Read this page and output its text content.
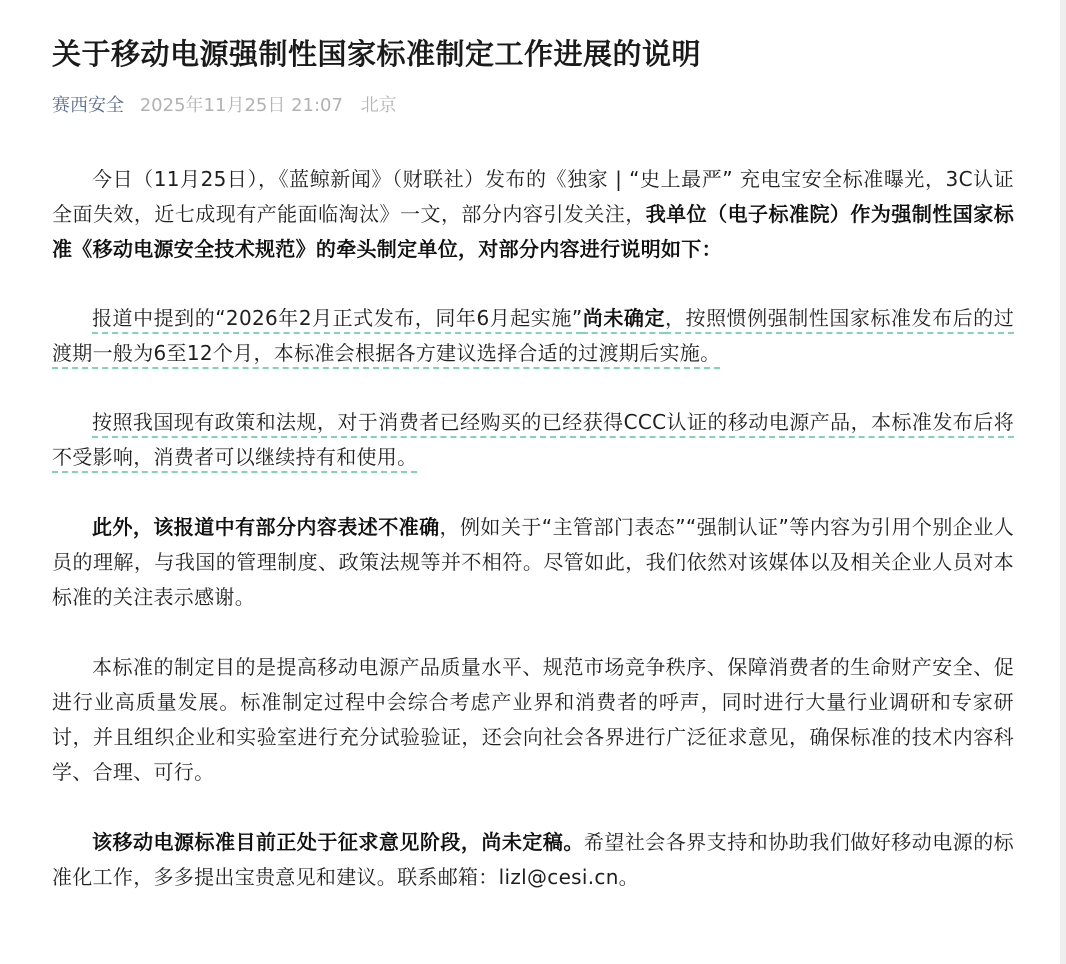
关于移动电源强制性国家标准制定工作进展的说明
赛西安全 2025年11月25日 21:07 北京

今日（11月25日），《蓝鲸新闻》（财联社）发布的《独家 | “史上最严” 充电宝安全标准曝光，3C认证全面失效，近七成现有产能面临淘汰》一文，部分内容引发关注，我单位（电子标准院）作为强制性国家标准《移动电源安全技术规范》的牵头制定单位，对部分内容进行说明如下：

报道中提到的“2026年2月正式发布，同年6月起实施”尚未确定，按照惯例强制性国家标准发布后的过渡期一般为6至12个月，本标准会根据各方建议选择合适的过渡期后实施。

按照我国现有政策和法规，对于消费者已经购买的已经获得CCC认证的移动电源产品，本标准发布后将不受影响，消费者可以继续持有和使用。

此外，该报道中有部分内容表述不准确，例如关于“主管部门表态”“强制认证”等内容为引用个别企业人员的理解，与我国的管理制度、政策法规等并不相符。尽管如此，我们依然对该媒体以及相关企业人员对本标准的关注表示感谢。

本标准的制定目的是提高移动电源产品质量水平、规范市场竞争秩序、保障消费者的生命财产安全、促进行业高质量发展。标准制定过程中会综合考虑产业界和消费者的呼声，同时进行大量行业调研和专家研讨，并且组织企业和实验室进行充分试验验证，还会向社会各界进行广泛征求意见，确保标准的技术内容科学、合理、可行。

该移动电源标准目前正处于征求意见阶段，尚未定稿。希望社会各界支持和协助我们做好移动电源的标准化工作，多多提出宝贵意见和建议。联系邮箱：lizl@cesi.cn。
